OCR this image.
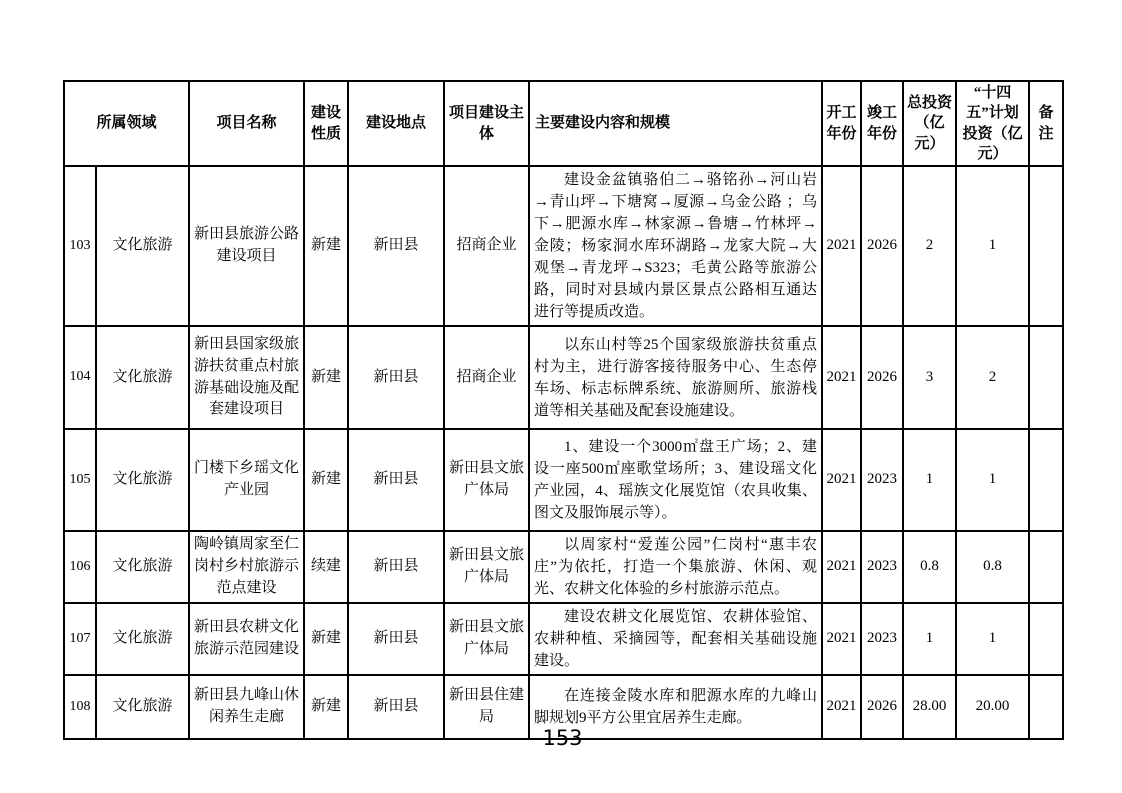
所属领域		项目名称	建设性质	建设地点	项目建设主体	主要建设内容和规模	开工年份	竣工年份	总投资（亿元）	“十四五”计划投资（亿元）	备注
103	文化旅游	新田县旅游公路建设项目	新建	新田县	招商企业	建设金盆镇骆伯二→骆铭孙→河山岩→青山坪→下塘窝→厦源→乌金公路 ；乌下→肥源水库→林家源→鲁塘→竹林坪→金陵；杨家洞水库环湖路→龙家大院→大观堡→青龙坪→S323；毛黄公路等旅游公路，同时对县域内景区景点公路相互通达进行等提质改造。	2021	2026	2	1	
104	文化旅游	新田县国家级旅游扶贫重点村旅游基础设施及配套建设项目	新建	新田县	招商企业	以东山村等25个国家级旅游扶贫重点村为主，进行游客接待服务中心、生态停车场、标志标牌系统、旅游厕所、旅游栈道等相关基础及配套设施建设。	2021	2026	3	2	
105	文化旅游	门楼下乡瑶文化产业园	新建	新田县	新田县文旅广体局	1、建设一个3000㎡盘王广场；2、建设一座500㎡座歌堂场所；3、建设瑶文化产业园，4、瑶族文化展览馆（农具收集、图文及服饰展示等）。	2021	2023	1	1	
106	文化旅游	陶岭镇周家至仁岗村乡村旅游示范点建设	续建	新田县	新田县文旅广体局	以周家村“爱莲公园”仁岗村“惠丰农庄”为依托，打造一个集旅游、休闲、观光、农耕文化体验的乡村旅游示范点。	2021	2023	0.8	0.8	
107	文化旅游	新田县农耕文化旅游示范园建设	新建	新田县	新田县文旅广体局	建设农耕文化展览馆、农耕体验馆、农耕种植、采摘园等，配套相关基础设施建设。	2021	2023	1	1	
108	文化旅游	新田县九峰山休闲养生走廊	新建	新田县	新田县住建局	在连接金陵水库和肥源水库的九峰山脚规划9平方公里宜居养生走廊。	2021	2026	28.00	20.00	
153
